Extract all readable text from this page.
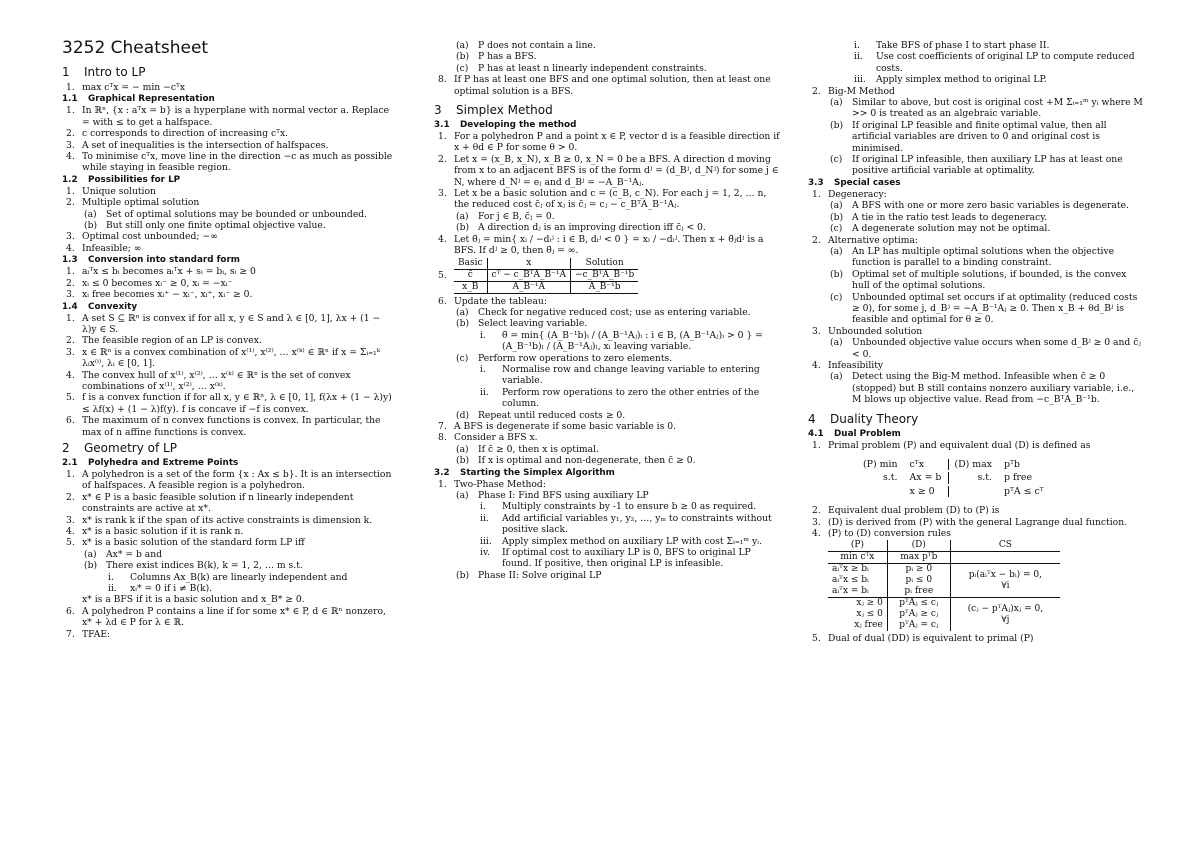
3252 Cheatsheet
1 Intro to LP
1. max cᵀx = − min −cᵀx
1.1 Graphical Representation
1. In ℝⁿ, {x : aᵀx = b} is a hyperplane with normal vector a. Replace = with ≤ to get a halfspace.
2. c corresponds to direction of increasing cᵀx.
3. A set of inequalities is the intersection of halfspaces.
4. To minimise cᵀx, move line in the direction −c as much as possible while staying in feasible region.
1.2 Possibilities for LP
1. Unique solution
2. Multiple optimal solution
(a) Set of optimal solutions may be bounded or unbounded.
(b) But still only one finite optimal objective value.
3. Optimal cost unbounded; −∞
4. Infeasible; ∞
1.3 Conversion into standard form
1. aᵢᵀx ≤ bᵢ becomes aᵢᵀx + sᵢ = bᵢ, sᵢ ≥ 0
2. xᵢ ≤ 0 becomes xᵢ⁻ ≥ 0, xᵢ = −xᵢ⁻
3. xᵢ free becomes xᵢ⁺ − xᵢ⁻, xᵢ⁺, xᵢ⁻ ≥ 0.
1.4 Convexity
1. A set S ⊆ ℝⁿ is convex if for all x, y ∈ S and λ ∈ [0, 1], λx + (1 − λ)y ∈ S.
2. The feasible region of an LP is convex.
3. x ∈ ℝⁿ is a convex combination of x⁽¹⁾, x⁽²⁾, … x⁽ᵏ⁾ ∈ ℝⁿ if x = Σᵢ₌₁ᵏ λᵢx⁽ⁱ⁾, λᵢ ∈ [0, 1].
4. The convex hull of x⁽¹⁾, x⁽²⁾, … x⁽ᵏ⁾ ∈ ℝⁿ is the set of convex combinations of x⁽¹⁾, x⁽²⁾, … x⁽ᵏ⁾.
5. f is a convex function if for all x, y ∈ ℝⁿ, λ ∈ [0, 1], f(λx + (1 − λ)y) ≤ λf(x) + (1 − λ)f(y). f is concave if −f is convex.
6. The maximum of n convex functions is convex. In particular, the max of n affine functions is convex.
2 Geometry of LP
2.1 Polyhedra and Extreme Points
1. A polyhedron is a set of the form {x : Ax ≤ b}. It is an intersection of halfspaces. A feasible region is a polyhedron.
2. x* ∈ P is a basic feasible solution if n linearly independent constraints are active at x*.
3. x* is rank k if the span of its active constraints is dimension k.
4. x* is a basic solution if it is rank n.
5. x* is a basic solution of the standard form LP iff
(a) Ax* = b and
(b) There exist indices B(k), k = 1, 2, … m s.t.
i. Columns Ax_B(k) are linearly independent and
ii. xᵢ* = 0 if i ≠ B(k).
x* is a BFS if it is a basic solution and x_B* ≥ 0.
6. A polyhedron P contains a line if for some x* ∈ P, d ∈ ℝⁿ nonzero, x* + λd ∈ P for λ ∈ ℝ.
7. TFAE:
(a) P does not contain a line.
(b) P has a BFS.
(c) P has at least n linearly independent constraints.
8. If P has at least one BFS and one optimal solution, then at least one optimal solution is a BFS.
3 Simplex Method
3.1 Developing the method
1. For a polyhedron P and a point x ∈ P, vector d is a feasible direction if x + θd ∈ P for some θ > 0.
2. Let x = (x_B, x_N), x_B ≥ 0, x_N = 0 be a BFS. A direction d moving from x to an adjacent BFS is of the form dʲ = (d_Bʲ, d_Nʲ) for some j ∈ N, where d_Nʲ = eⱼ and d_Bʲ = −A_B⁻¹Aⱼ.
3. Let x be a basic solution and c = (c_B, c_N). For each j = 1, 2, … n, the reduced cost c̄ⱼ of xⱼ is c̄ⱼ = cⱼ − c_BᵀA_B⁻¹Aⱼ.
(a) For j ∈ B, c̄ⱼ = 0.
(b) A direction dⱼ is an improving direction iff c̄ⱼ < 0.
4. Let θ̄ⱼ = min{ xᵢ / −dᵢʲ : i ∈ B, dᵢʲ < 0 } = xₗ / −dₗʲ. Then x + θ̄ⱼdʲ is a BFS. If dʲ ≥ 0, then θ̄ⱼ = ∞.
5.
Basic	x	Solution
c̄	cᵀ − c_BᵀA_B⁻¹A	−c_BᵀA_B⁻¹b
x_B	A_B⁻¹A	A_B⁻¹b
6. Update the tableau:
(a) Check for negative reduced cost; use as entering variable.
(b) Select leaving variable.
i. θ̄ = min{ (A_B⁻¹b)ᵢ / (A_B⁻¹Aⱼ)ᵢ : i ∈ B, (A_B⁻¹Aⱼ)ᵢ > 0 } = (A_B⁻¹b)ₗ / (A_B⁻¹Aⱼ)ₗ, xₗ leaving variable.
(c) Perform row operations to zero elements.
i. Normalise row and change leaving variable to entering variable.
ii. Perform row operations to zero the other entries of the column.
(d) Repeat until reduced costs ≥ 0.
7. A BFS is degenerate if some basic variable is 0.
8. Consider a BFS x.
(a) If c̄ ≥ 0, then x is optimal.
(b) If x is optimal and non-degenerate, then c̄ ≥ 0.
3.2 Starting the Simplex Algorithm
1. Two-Phase Method:
(a) Phase I: Find BFS using auxiliary LP
i. Multiply constraints by -1 to ensure b ≥ 0 as required.
ii. Add artificial variables y₁, y₂, …, yₘ to constraints without positive slack.
iii. Apply simplex method on auxiliary LP with cost Σᵢ₌₁ᵐ yᵢ.
iv. If optimal cost to auxiliary LP is 0, BFS to original LP found. If positive, then original LP is infeasible.
(b) Phase II: Solve original LP
i. Take BFS of phase I to start phase II.
ii. Use cost coefficients of original LP to compute reduced costs.
iii. Apply simplex method to original LP.
2. Big-M Method
(a) Similar to above, but cost is original cost +M Σᵢ₌₁ᵐ yᵢ where M >> 0 is treated as an algebraic variable.
(b) If original LP feasible and finite optimal value, then all artificial variables are driven to 0 and original cost is minimised.
(c) If original LP infeasible, then auxiliary LP has at least one positive artificial variable at optimality.
3.3 Special cases
1. Degeneracy:
(a) A BFS with one or more zero basic variables is degenerate.
(b) A tie in the ratio test leads to degeneracy.
(c) A degenerate solution may not be optimal.
2. Alternative optima:
(a) An LP has multiple optimal solutions when the objective function is parallel to a binding constraint.
(b) Optimal set of multiple solutions, if bounded, is the convex hull of the optimal solutions.
(c) Unbounded optimal set occurs if at optimality (reduced costs ≥ 0), for some j, d_Bʲ = −A_B⁻¹Aⱼ ≥ 0. Then x_B + θd_Bʲ is feasible and optimal for θ ≥ 0.
3. Unbounded solution
(a) Unbounded objective value occurs when some d_Bʲ ≥ 0 and c̄ⱼ < 0.
4. Infeasibility
(a) Detect using the Big-M method. Infeasible when c̄ ≥ 0 (stopped) but B still contains nonzero auxiliary variable, i.e., M blows up objective value. Read from −c_BᵀA_B⁻¹b.
4 Duality Theory
4.1 Dual Problem
1. Primal problem (P) and equivalent dual (D) is defined as
(P) min	cᵀx	(D) max	pᵀb
s.t.	Ax = b	s.t.	p free
	x ≥ 0		pᵀA ≤ cᵀ
2. Equivalent dual problem (D) to (P) is
3. (D) is derived from (P) with the general Lagrange dual function.
4. (P) to (D) conversion rules
(P)	(D)	CS
min cᵀx	max pᵀb	
aᵢᵀx ≥ bᵢ	pᵢ ≥ 0	pᵢ(aᵢᵀx − bᵢ) = 0,
∀i
aᵢᵀx ≤ bᵢ	pᵢ ≤ 0	
aᵢᵀx = bᵢ	pᵢ free	
xⱼ ≥ 0	pᵀAⱼ ≤ cⱼ	(cⱼ − pᵀAⱼ)xⱼ = 0,
∀j
xⱼ ≤ 0	pᵀAⱼ ≥ cⱼ	
xⱼ free	pᵀAⱼ = cⱼ	
5. Dual of dual (DD) is equivalent to primal (P)
